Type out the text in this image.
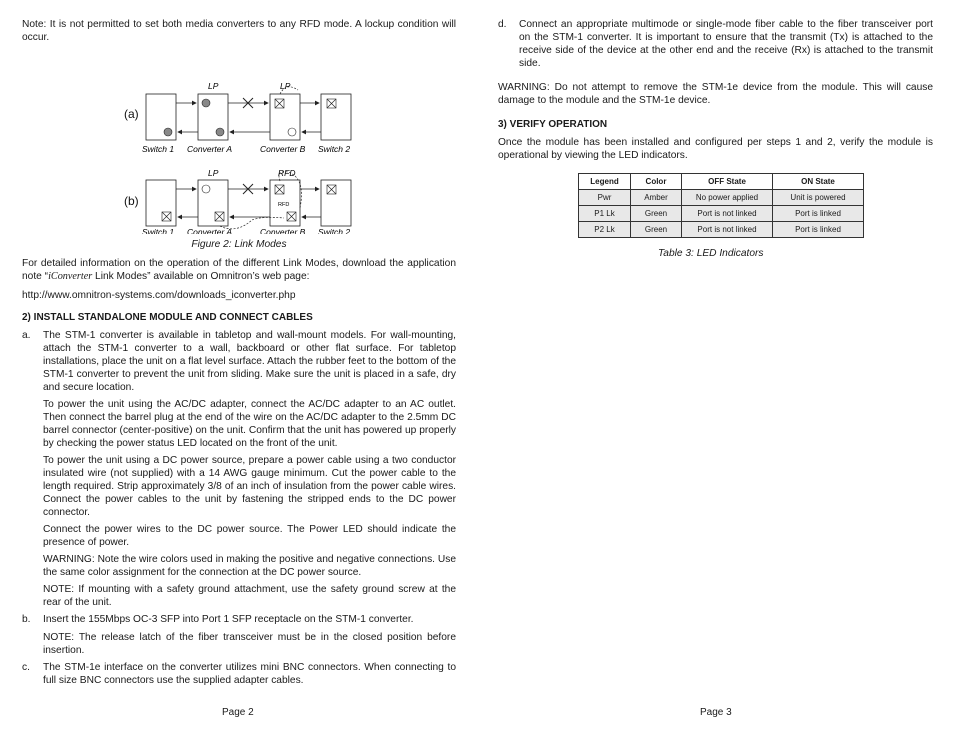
Note: It is not permitted to set both media converters to any RFD mode. A lockup condition will occur.

(a)
LP	LP
Switch 1 Converter A	Converter B Switch 2
(b)
LP	RFD
RFD
Switch 1 Converter A	Converter B Switch 2

Figure 2: Link Modes

For detailed information on the operation of the different Link Modes, download the application note “iConverter Link Modes” available on Omnitron’s web page:

http://www.omnitron-systems.com/downloads_iconverter.php

2) INSTALL STANDALONE MODULE AND CONNECT CABLES

a. The STM-1 converter is available in tabletop and wall-mount models. For wall-mounting, attach the STM-1 converter to a wall, backboard or other flat surface. For tabletop installations, place the unit on a flat level surface. Attach the rubber feet to the bottom of the STM-1 converter to prevent the unit from sliding. Make sure the unit is placed in a safe, dry and secure location.

To power the unit using the AC/DC adapter, connect the AC/DC adapter to an AC outlet. Then connect the barrel plug at the end of the wire on the AC/DC adapter to the 2.5mm DC barrel connector (center-positive) on the unit. Confirm that the unit has powered up properly by checking the power status LED located on the front of the unit.

To power the unit using a DC power source, prepare a power cable using a two conductor insulated wire (not supplied) with a 14 AWG gauge minimum. Cut the power cable to the length required. Strip approximately 3/8 of an inch of insulation from the power cable wires. Connect the power cables to the unit by fastening the stripped ends to the DC power connector.

Connect the power wires to the DC power source. The Power LED should indicate the presence of power.

WARNING: Note the wire colors used in making the positive and negative connections. Use the same color assignment for the connection at the DC power source.

NOTE: If mounting with a safety ground attachment, use the safety ground screw at the rear of the unit.

b. Insert the 155Mbps OC-3 SFP into Port 1 SFP receptacle on the STM-1 converter.

NOTE: The release latch of the fiber transceiver must be in the closed position before insertion.

c. The STM-1e interface on the converter utilizes mini BNC connectors. When connecting to full size BNC connectors use the supplied adapter cables.
Page 2
d. Connect an appropriate multimode or single-mode fiber cable to the fiber transceiver port on the STM-1 converter. It is important to ensure that the transmit (Tx) is attached to the receive side of the device at the other end and the receive (Rx) is attached to the transmit side.

WARNING: Do not attempt to remove the STM-1e device from the module. This will cause damage to the module and the STM-1e device.

3) VERIFY OPERATION

Once the module has been installed and configured per steps 1 and 2, verify the module is operational by viewing the LED indicators.

Legend	Color	OFF State	ON State
Pwr	Amber	No power applied	Unit is powered
P1 Lk	Green	Port is not linked	Port is linked
P2 Lk	Green	Port is not linked	Port is linked

Table 3: LED Indicators

Page 3
